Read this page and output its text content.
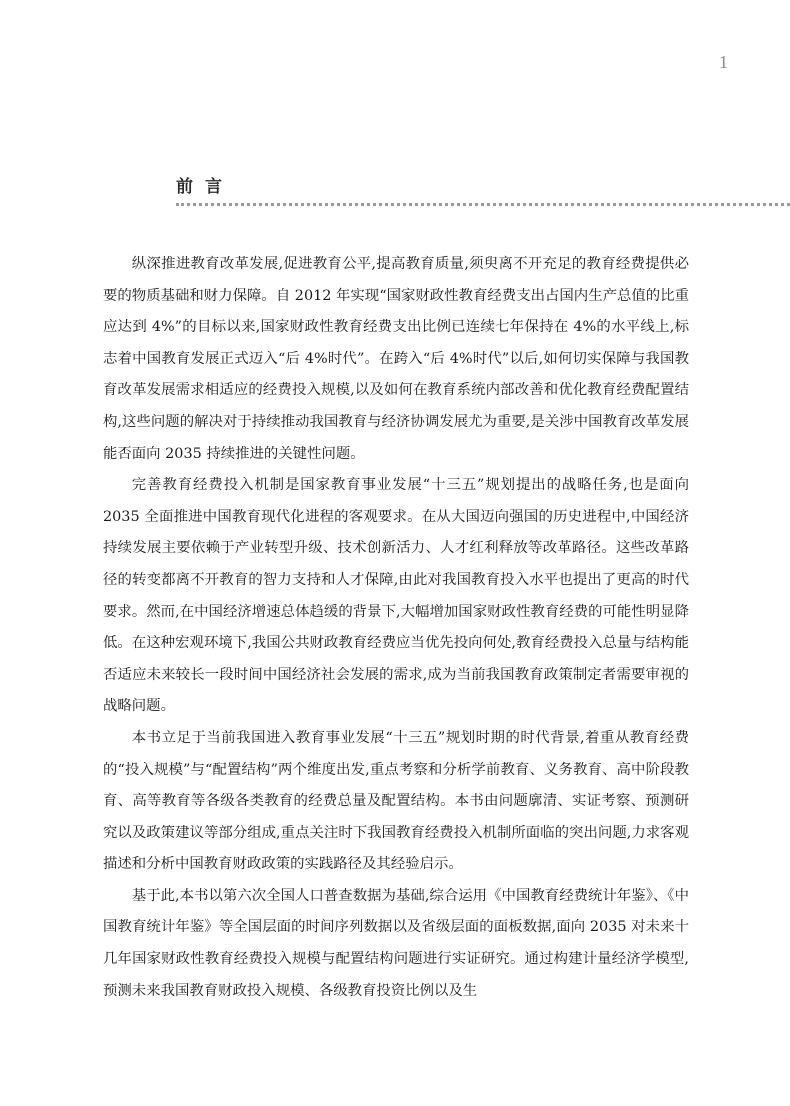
1
前言

纵深推进教育改革发展,促进教育公平,提高教育质量,须臾离不开充足的教育经费提供必要的物质基础和财力保障。自 2012 年实现“国家财政性教育经费支出占国内生产总值的比重应达到 4%”的目标以来,国家财政性教育经费支出比例已连续七年保持在 4%的水平线上,标志着中国教育发展正式迈入“后 4%时代”。在跨入“后 4%时代”以后,如何切实保障与我国教育改革发展需求相适应的经费投入规模,以及如何在教育系统内部改善和优化教育经费配置结构,这些问题的解决对于持续推动我国教育与经济协调发展尤为重要,是关涉中国教育改革发展能否面向 2035 持续推进的关键性问题。

完善教育经费投入机制是国家教育事业发展“十三五”规划提出的战略任务,也是面向 2035 全面推进中国教育现代化进程的客观要求。在从大国迈向强国的历史进程中,中国经济持续发展主要依赖于产业转型升级、技术创新活力、人才红利释放等改革路径。这些改革路径的转变都离不开教育的智力支持和人才保障,由此对我国教育投入水平也提出了更高的时代要求。然而,在中国经济增速总体趋缓的背景下,大幅增加国家财政性教育经费的可能性明显降低。在这种宏观环境下,我国公共财政教育经费应当优先投向何处,教育经费投入总量与结构能否适应未来较长一段时间中国经济社会发展的需求,成为当前我国教育政策制定者需要审视的战略问题。

本书立足于当前我国进入教育事业发展“十三五”规划时期的时代背景,着重从教育经费的“投入规模”与“配置结构”两个维度出发,重点考察和分析学前教育、义务教育、高中阶段教育、高等教育等各级各类教育的经费总量及配置结构。本书由问题廓清、实证考察、预测研究以及政策建议等部分组成,重点关注时下我国教育经费投入机制所面临的突出问题,力求客观描述和分析中国教育财政政策的实践路径及其经验启示。

基于此,本书以第六次全国人口普查数据为基础,综合运用《中国教育经费统计年鉴》、《中国教育统计年鉴》等全国层面的时间序列数据以及省级层面的面板数据,面向 2035 对未来十几年国家财政性教育经费投入规模与配置结构问题进行实证研究。通过构建计量经济学模型,预测未来我国教育财政投入规模、各级教育投资比例以及生
